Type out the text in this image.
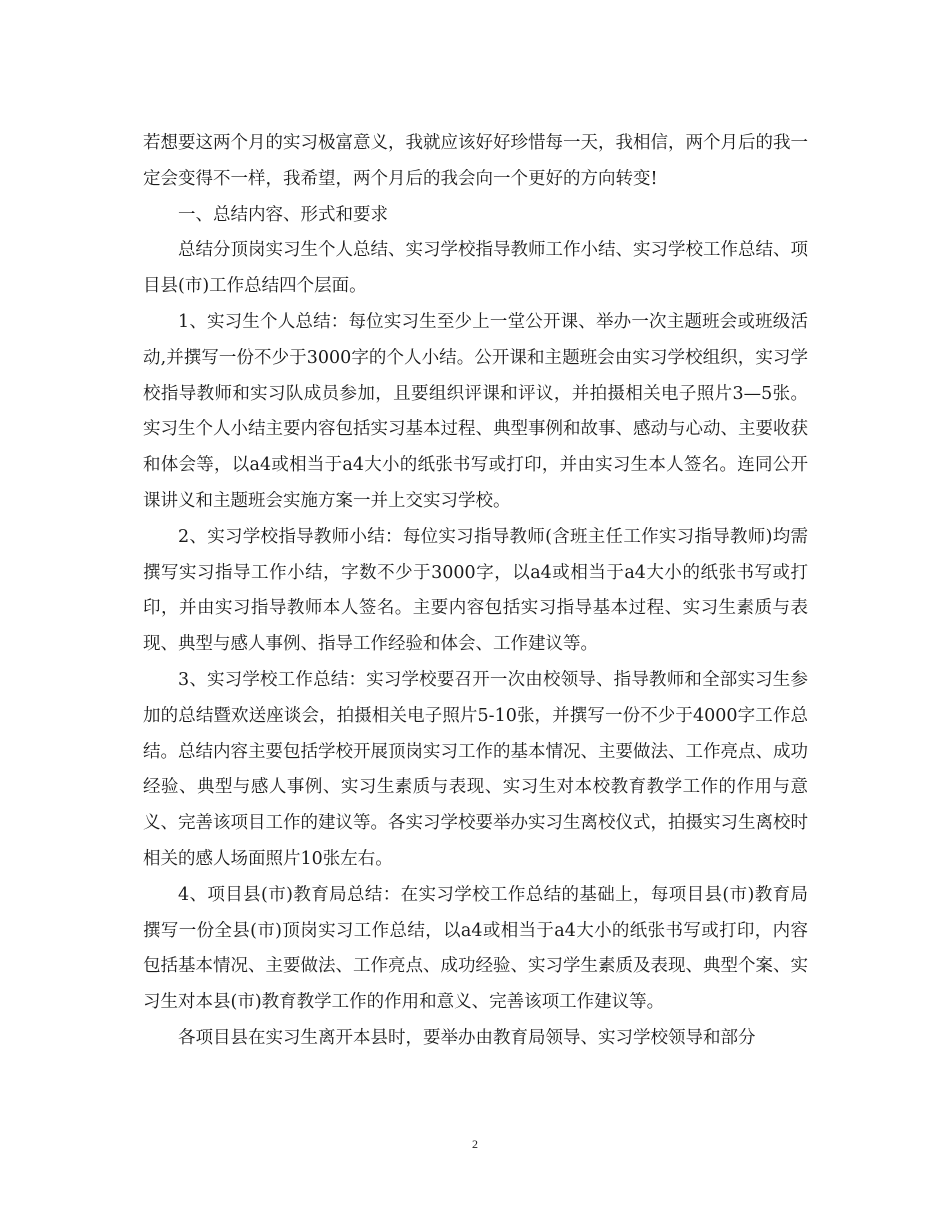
若想要这两个月的实习极富意义，我就应该好好珍惜每一天，我相信，两个月后的我一定会变得不一样，我希望，两个月后的我会向一个更好的方向转变!

一、总结内容、形式和要求

总结分顶岗实习生个人总结、实习学校指导教师工作小结、实习学校工作总结、项目县(市)工作总结四个层面。

1、实习生个人总结：每位实习生至少上一堂公开课、举办一次主题班会或班级活动,并撰写一份不少于3000字的个人小结。公开课和主题班会由实习学校组织，实习学校指导教师和实习队成员参加，且要组织评课和评议，并拍摄相关电子照片3—5张。实习生个人小结主要内容包括实习基本过程、典型事例和故事、感动与心动、主要收获和体会等，以a4或相当于a4大小的纸张书写或打印，并由实习生本人签名。连同公开课讲义和主题班会实施方案一并上交实习学校。

2、实习学校指导教师小结：每位实习指导教师(含班主任工作实习指导教师)均需撰写实习指导工作小结，字数不少于3000字，以a4或相当于a4大小的纸张书写或打印，并由实习指导教师本人签名。主要内容包括实习指导基本过程、实习生素质与表现、典型与感人事例、指导工作经验和体会、工作建议等。

3、实习学校工作总结：实习学校要召开一次由校领导、指导教师和全部实习生参加的总结暨欢送座谈会，拍摄相关电子照片5-10张，并撰写一份不少于4000字工作总结。总结内容主要包括学校开展顶岗实习工作的基本情况、主要做法、工作亮点、成功经验、典型与感人事例、实习生素质与表现、实习生对本校教育教学工作的作用与意义、完善该项目工作的建议等。各实习学校要举办实习生离校仪式，拍摄实习生离校时相关的感人场面照片10张左右。

4、项目县(市)教育局总结：在实习学校工作总结的基础上，每项目县(市)教育局撰写一份全县(市)顶岗实习工作总结，以a4或相当于a4大小的纸张书写或打印，内容包括基本情况、主要做法、工作亮点、成功经验、实习学生素质及表现、典型个案、实习生对本县(市)教育教学工作的作用和意义、完善该项工作建议等。

各项目县在实习生离开本县时，要举办由教育局领导、实习学校领导和部分

2
